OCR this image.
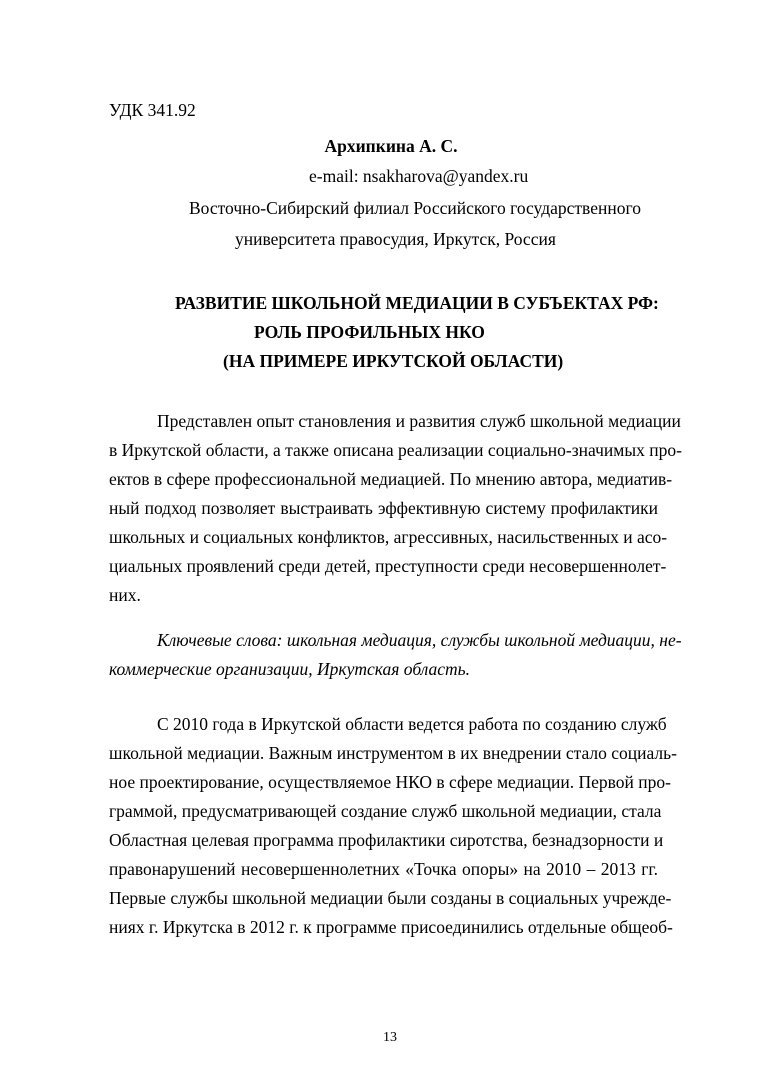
УДК 341.92
Архипкина А. С.
e-mail: nsakharova@yandex.ru
Восточно-Сибирский филиал Российского государственного
университета правосудия, Иркутск, Россия
РАЗВИТИЕ ШКОЛЬНОЙ МЕДИАЦИИ В СУБЪЕКТАХ РФ:
РОЛЬ ПРОФИЛЬНЫХ НКО
(НА ПРИМЕРЕ ИРКУТСКОЙ ОБЛАСТИ)
Представлен опыт становления и развития служб школьной медиации
в Иркутской области, а также описана реализации социально-значимых про-
ектов в сфере профессиональной медиацией. По мнению автора, медиатив-
ный подход позволяет выстраивать эффективную систему профилактики
школьных и социальных конфликтов, агрессивных, насильственных и асо-
циальных проявлений среди детей, преступности среди несовершеннолет-
них.
Ключевые слова: школьная медиация, службы школьной медиации, не-
коммерческие организации, Иркутская область.
С 2010 года в Иркутской области ведется работа по созданию служб
школьной медиации. Важным инструментом в их внедрении стало социаль-
ное проектирование, осуществляемое НКО в сфере медиации. Первой про-
граммой, предусматривающей создание служб школьной медиации, стала
Областная целевая программа профилактики сиротства, безнадзорности и
правонарушений несовершеннолетних «Точка опоры» на 2010 – 2013 гг.
Первые службы школьной медиации были созданы в социальных учрежде-
ниях г. Иркутска в 2012 г. к программе присоединились отдельные общеоб-
13
